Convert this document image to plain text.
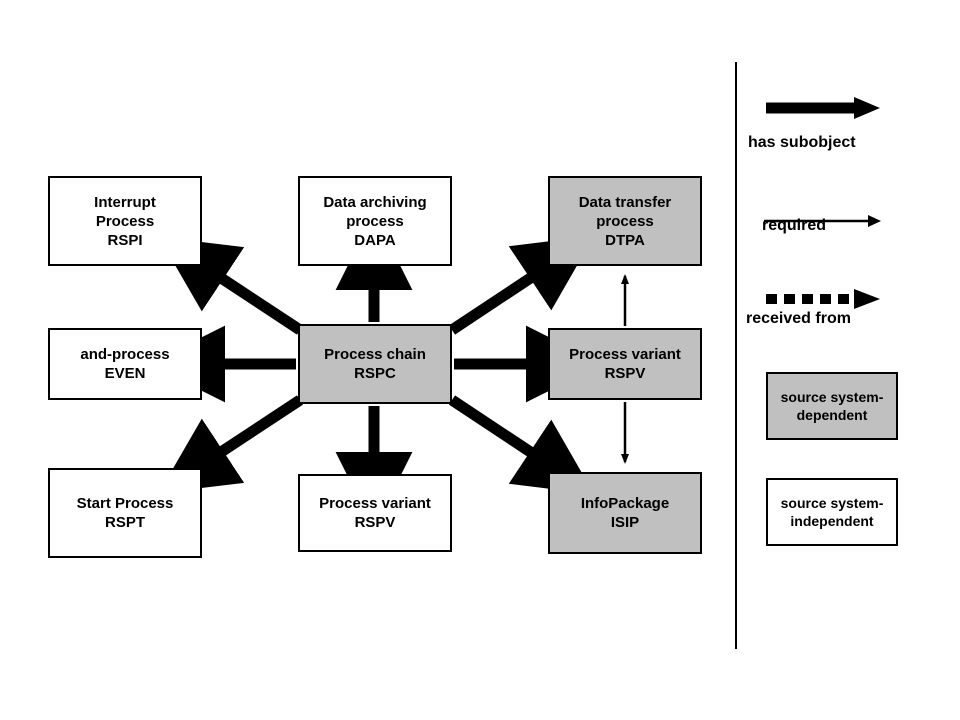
Interrupt
Process
RSPI
Data archiving
process
DAPA
Data transfer
process
DTPA
and-process
EVEN
Process chain
RSPC
Process variant
RSPV
Start Process
RSPT
Process variant
RSPV
InfoPackage
ISIP
has subobject
required
received from
source system-
dependent
source system-
independent
